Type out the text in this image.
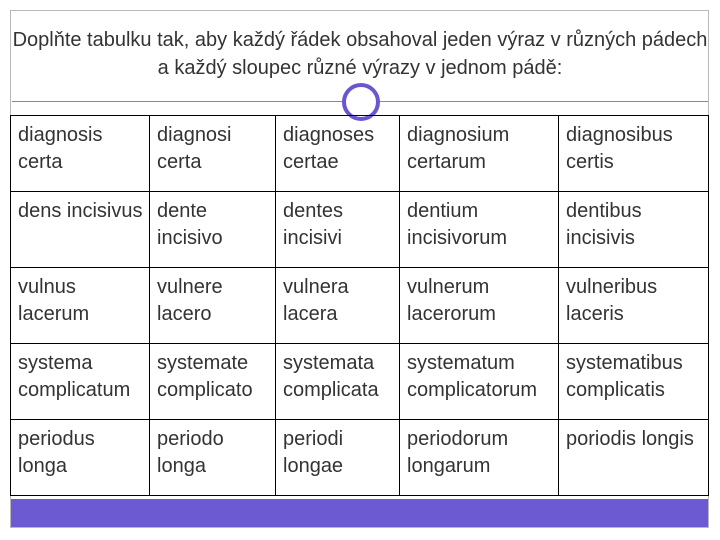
Doplňte tabulku tak, aby každý řádek obsahoval jeden výraz v různých pádech a každý sloupec různé výrazy v jednom pádě:
diagnosis certa	diagnosi certa	diagnoses certae	diagnosium certarum	diagnosibus certis
dens incisivus	dente incisivo	dentes incisivi	dentium incisivorum	dentibus incisivis
vulnus lacerum	vulnere lacero	vulnera lacera	vulnerum lacerorum	vulneribus laceris
systema complicatum	systemate complicato	systemata complicata	systematum complicatorum	systematibus complicatis
periodus longa	periodo longa	periodi longae	periodorum longarum	poriodis longis
